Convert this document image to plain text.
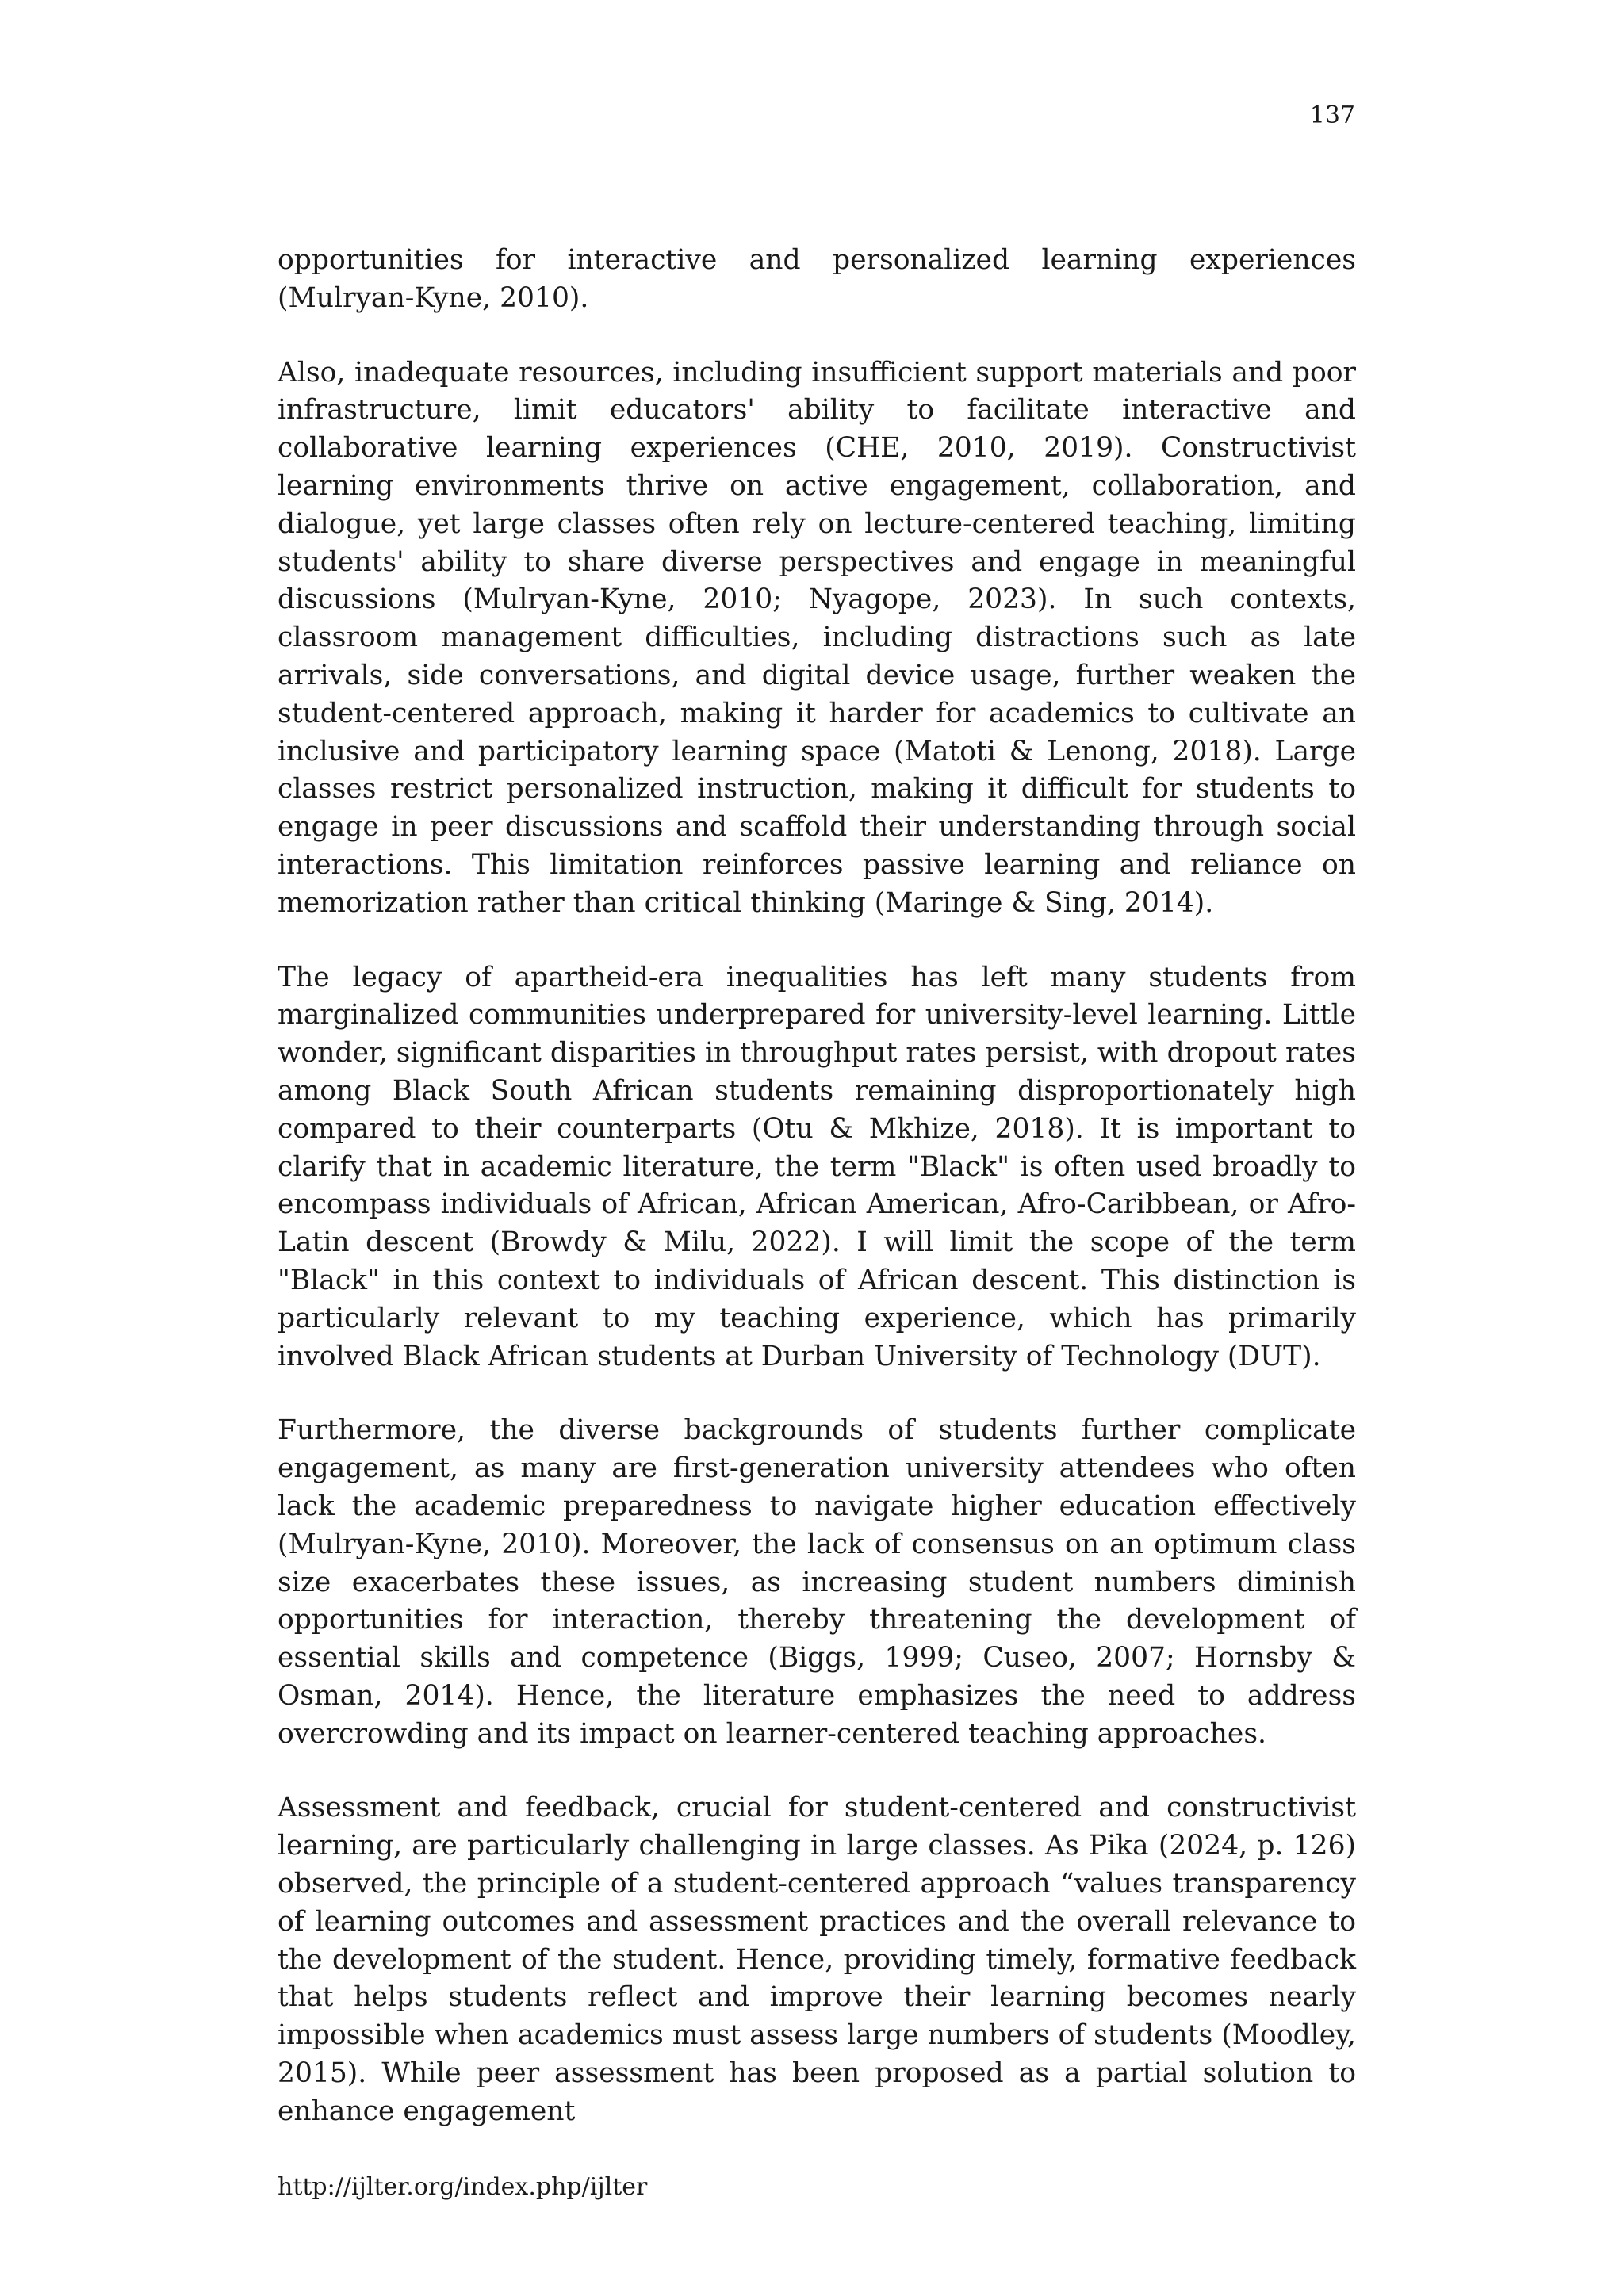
137

opportunities for interactive and personalized learning experiences (Mulryan-Kyne, 2010).

Also, inadequate resources, including insufficient support materials and poor infrastructure, limit educators' ability to facilitate interactive and collaborative learning experiences (CHE, 2010, 2019). Constructivist learning environments thrive on active engagement, collaboration, and dialogue, yet large classes often rely on lecture-centered teaching, limiting students' ability to share diverse perspectives and engage in meaningful discussions (Mulryan-Kyne, 2010; Nyagope, 2023). In such contexts, classroom management difficulties, including distractions such as late arrivals, side conversations, and digital device usage, further weaken the student-centered approach, making it harder for academics to cultivate an inclusive and participatory learning space (Matoti & Lenong, 2018). Large classes restrict personalized instruction, making it difficult for students to engage in peer discussions and scaffold their understanding through social interactions. This limitation reinforces passive learning and reliance on memorization rather than critical thinking (Maringe & Sing, 2014).

The legacy of apartheid-era inequalities has left many students from marginalized communities underprepared for university-level learning. Little wonder, significant disparities in throughput rates persist, with dropout rates among Black South African students remaining disproportionately high compared to their counterparts (Otu & Mkhize, 2018). It is important to clarify that in academic literature, the term "Black" is often used broadly to encompass individuals of African, African American, Afro-Caribbean, or Afro-Latin descent (Browdy & Milu, 2022). I will limit the scope of the term "Black" in this context to individuals of African descent. This distinction is particularly relevant to my teaching experience, which has primarily involved Black African students at Durban University of Technology (DUT).

Furthermore, the diverse backgrounds of students further complicate engagement, as many are first-generation university attendees who often lack the academic preparedness to navigate higher education effectively (Mulryan-Kyne, 2010). Moreover, the lack of consensus on an optimum class size exacerbates these issues, as increasing student numbers diminish opportunities for interaction, thereby threatening the development of essential skills and competence (Biggs, 1999; Cuseo, 2007; Hornsby & Osman, 2014). Hence, the literature emphasizes the need to address overcrowding and its impact on learner-centered teaching approaches.

Assessment and feedback, crucial for student-centered and constructivist learning, are particularly challenging in large classes. As Pika (2024, p. 126) observed, the principle of a student-centered approach “values transparency of learning outcomes and assessment practices and the overall relevance to the development of the student. Hence, providing timely, formative feedback that helps students reflect and improve their learning becomes nearly impossible when academics must assess large numbers of students (Moodley, 2015). While peer assessment has been proposed as a partial solution to enhance engagement

http://ijlter.org/index.php/ijlter
